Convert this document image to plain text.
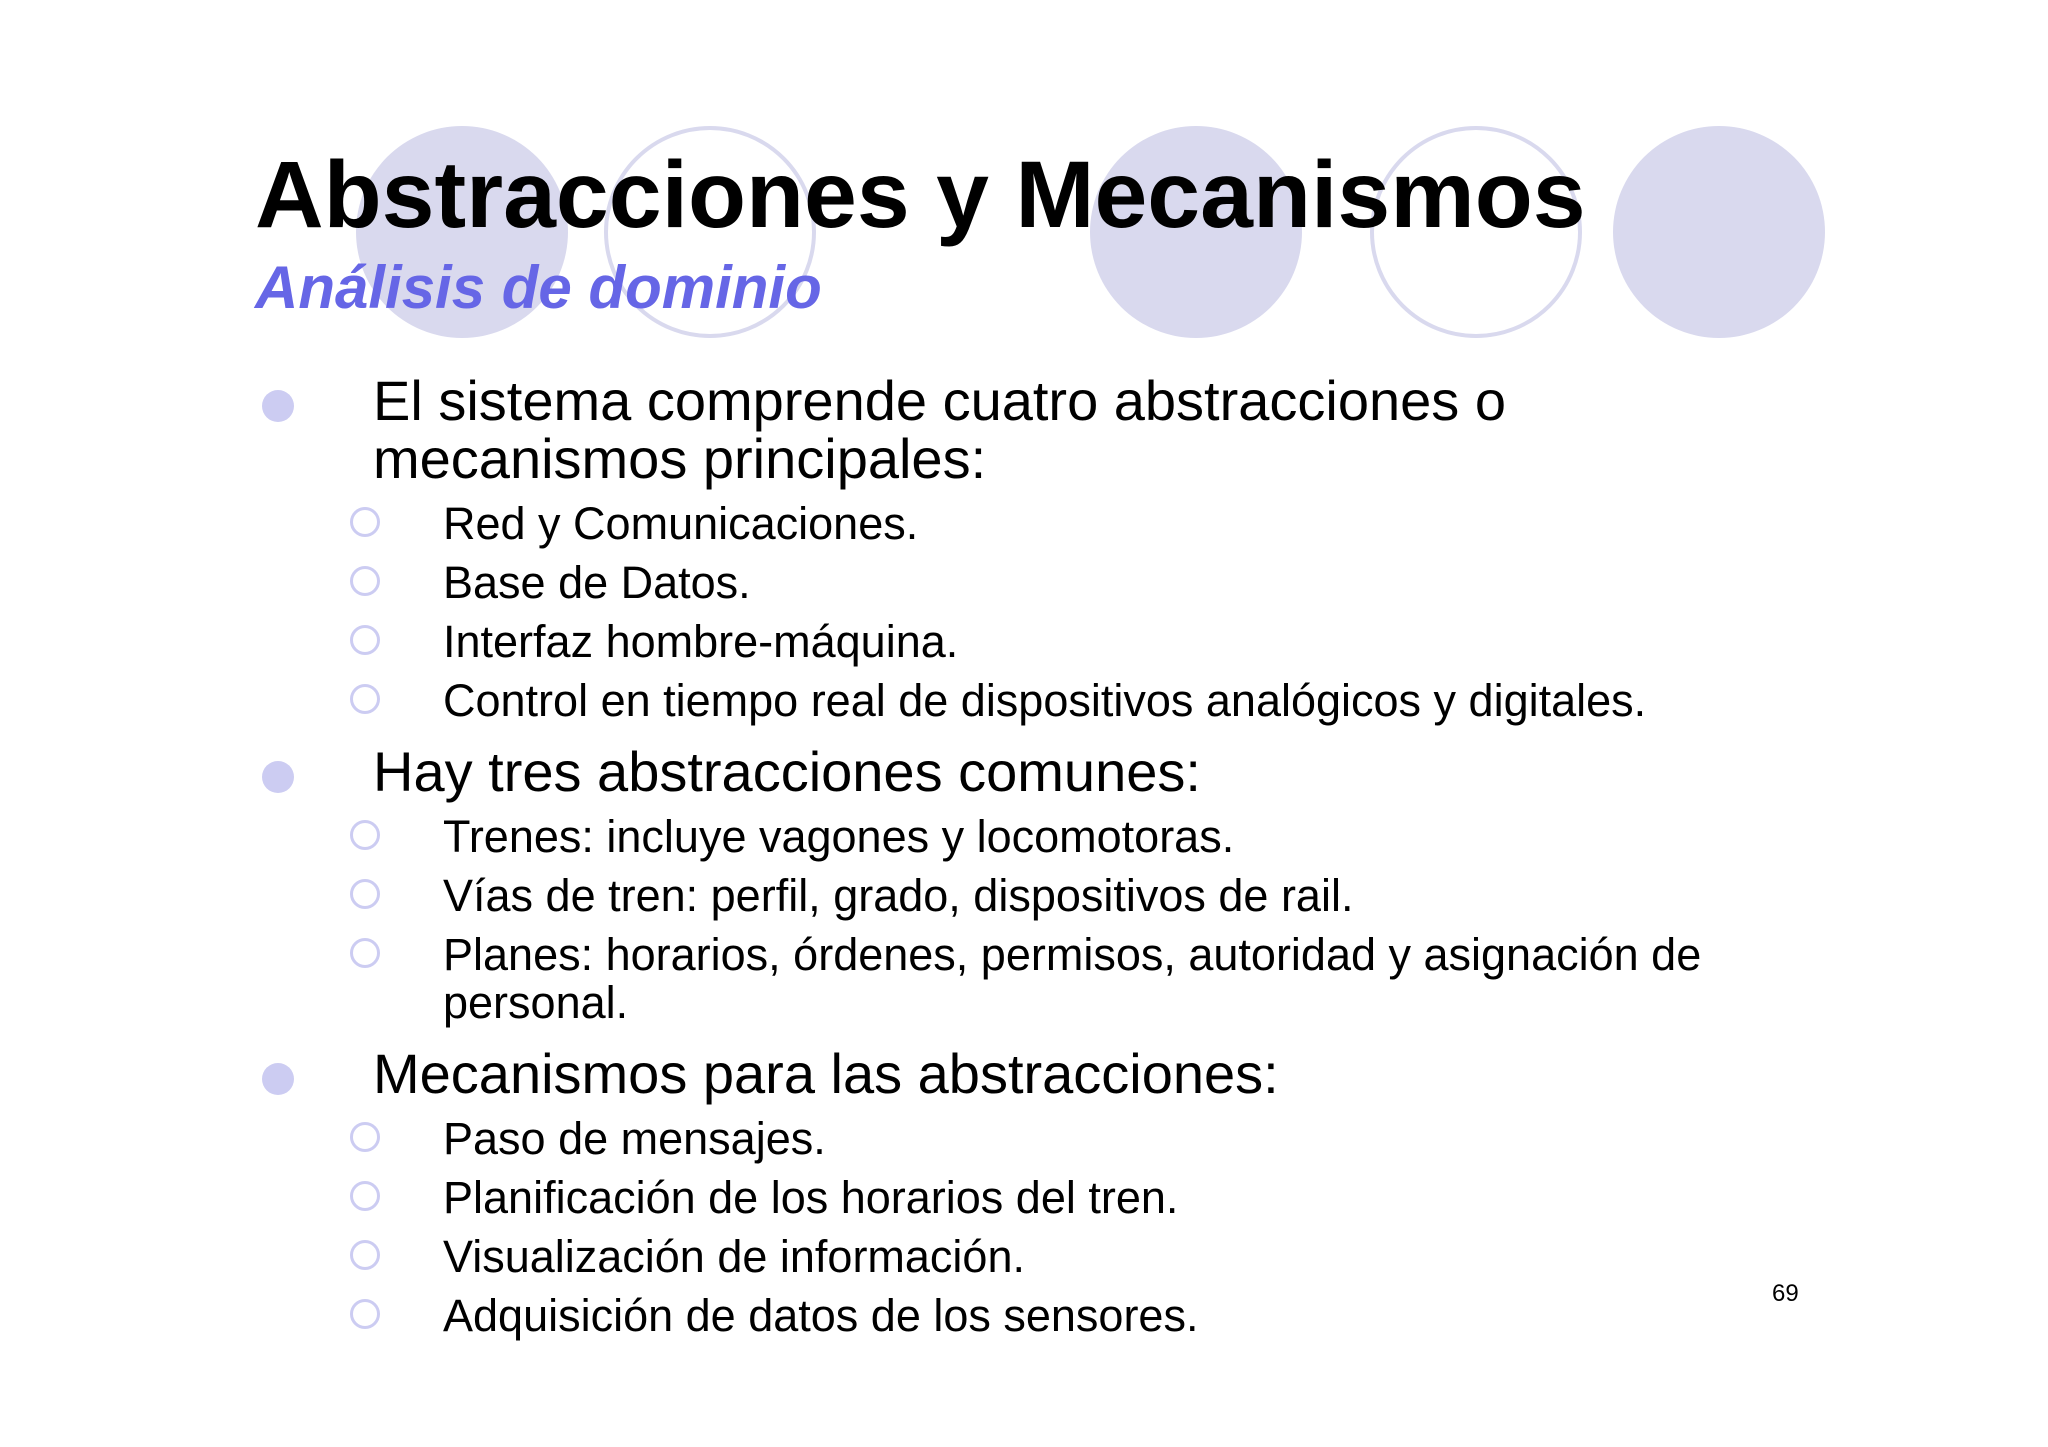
Abstracciones y Mecanismos
Análisis de dominio
El sistema comprende cuatro abstracciones o mecanismos principales:
Red y Comunicaciones.
Base de Datos.
Interfaz hombre-máquina.
Control en tiempo real de dispositivos analógicos y digitales.
Hay tres abstracciones comunes:
Trenes: incluye vagones y locomotoras.
Vías de tren: perfil, grado, dispositivos de rail.
Planes: horarios, órdenes, permisos, autoridad y asignación de personal.
Mecanismos para las abstracciones:
Paso de mensajes.
Planificación de los horarios del tren.
Visualización de información.
Adquisición de datos de los sensores.	69
